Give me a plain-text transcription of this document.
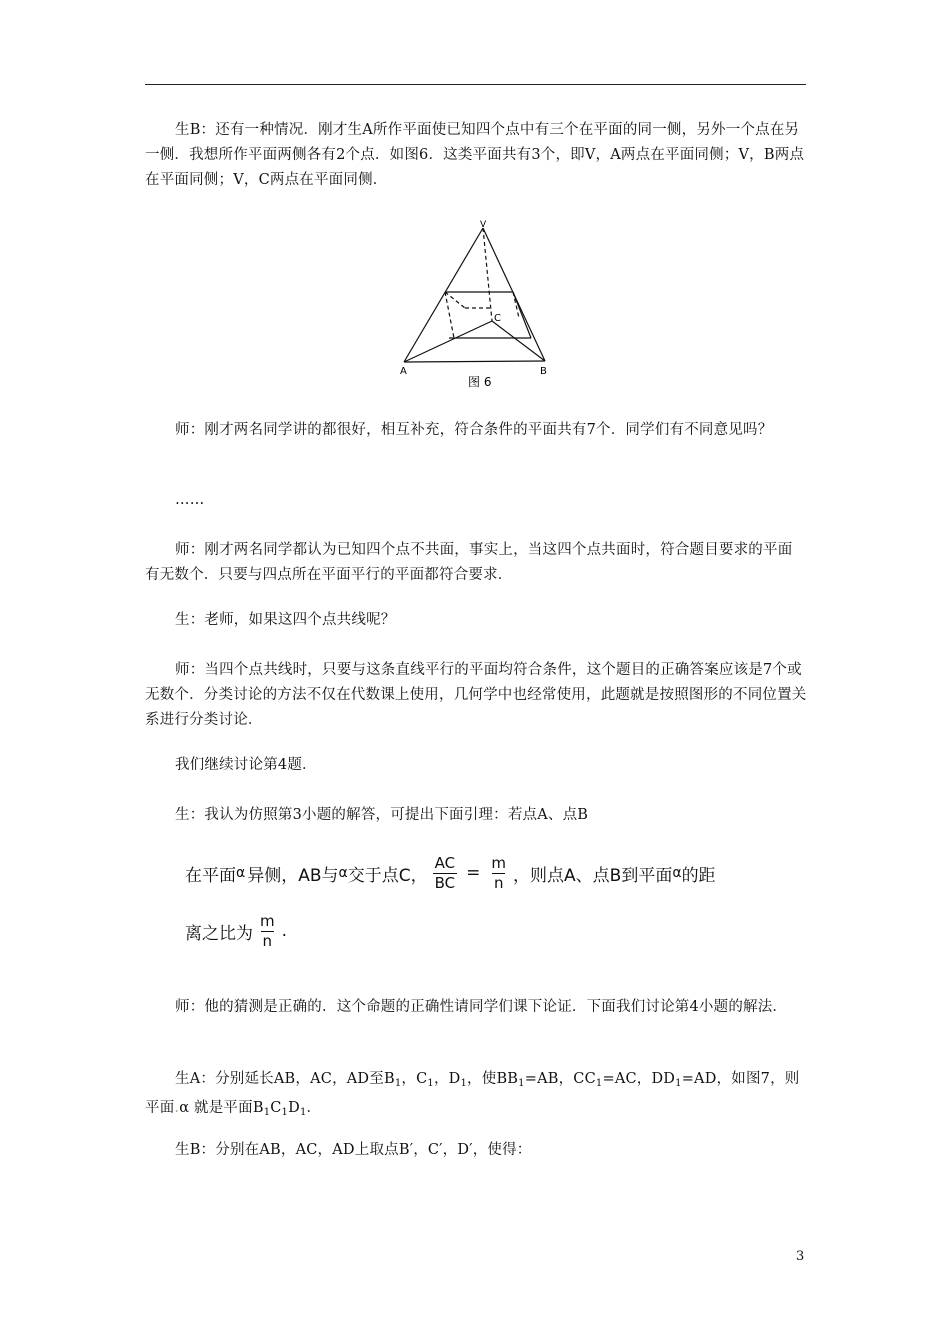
生B：还有一种情况．刚才生A所作平面使已知四个点中有三个在平面的同一侧，另外一个点在另一侧．我想所作平面两侧各有2个点．如图6．这类平面共有3个，即V，A两点在平面同侧；V，B两点在平面同侧；V，C两点在平面同侧．

V
A	B
C
图 6

师：刚才两名同学讲的都很好，相互补充，符合条件的平面共有7个．同学们有不同意见吗？

……

师：刚才两名同学都认为已知四个点不共面，事实上，当这四个点共面时，符合题目要求的平面有无数个．只要与四点所在平面平行的平面都符合要求．

生：老师，如果这四个点共线呢？

师：当四个点共线时，只要与这条直线平行的平面均符合条件，这个题目的正确答案应该是7个或无数个．分类讨论的方法不仅在代数课上使用，几何学中也经常使用，此题就是按照图形的不同位置关系进行分类讨论．

我们继续讨论第4题．

生：我认为仿照第3小题的解答，可提出下面引理：若点A、点B

在平面 α 异侧，AB与 α 交于点C， $\frac{AC}{BC} = \frac{m}{n}$ ，则点A、点B到平面 α 的距
离之比为 $\frac{m}{n}$ .

师：他的猜测是正确的．这个命题的正确性请同学们课下论证．下面我们讨论第4小题的解法．

生A：分别延长AB，AC，AD至$B_1$，$C_1$，$D_1$，使$BB_1=AB$，$CC_1=AC$，$DD_1=AD$，如图7，则平面.α 就是平面$B_1C_1D_1$．

生B：分别在AB，AC，AD上取点B′，C′，D′，使得：

3
